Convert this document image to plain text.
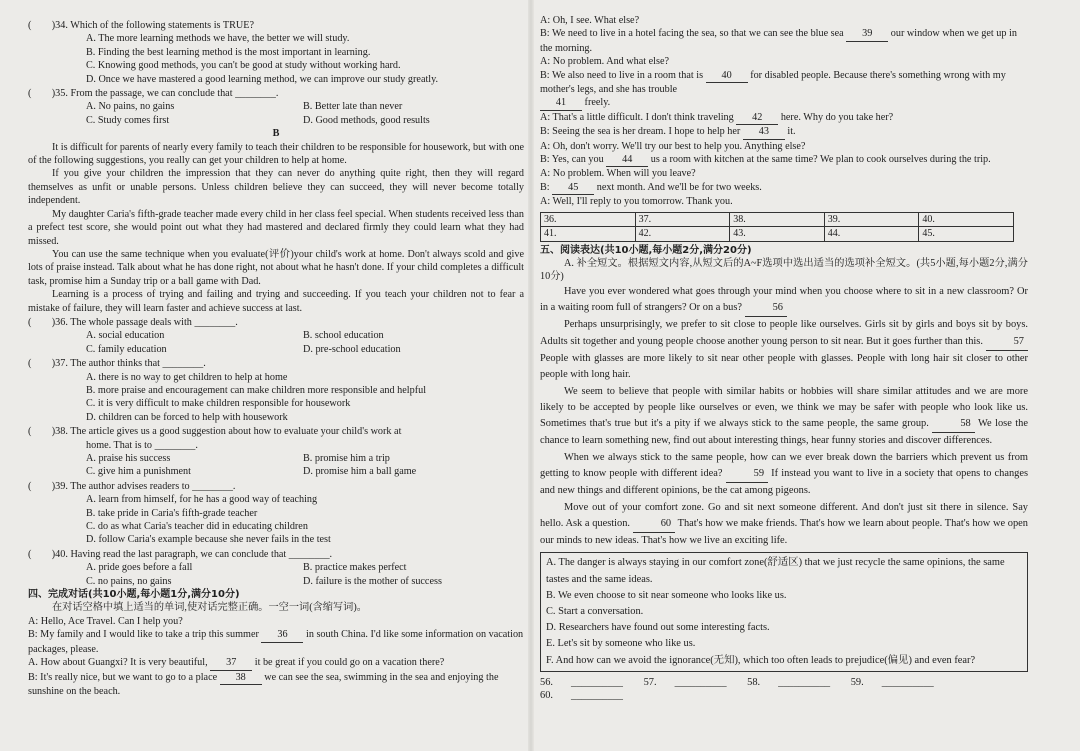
(　　)34. Which of the following statements is TRUE?

A. The more learning methods we have, the better we will study.

B. Finding the best learning method is the most important in learning.

C. Knowing good methods, you can't be good at study without working hard.

D. Once we have mastered a good learning method, we can improve our study greatly.

(　　)35. From the passage, we can conclude that ________.

A. No pains, no gains	B. Better late than never
C. Study comes first	D. Good methods, good results

B

It is difficult for parents of nearly every family to teach their children to be responsible for housework, but with one of the following suggestions, you really can get your children to help at home.

If you give your children the impression that they can never do anything quite right, then they will regard themselves as unfit or unable persons. Unless children believe they can succeed, they will never become totally independent.

My daughter Caria's fifth-grade teacher made every child in her class feel special. When students received less than a prefect test score, she would point out what they had mastered and declared firmly they could learn what they had missed.

You can use the same technique when you evaluate(评价)your child's work at home. Don't always scold and give lots of praise instead. Talk about what he has done right, not about what he hasn't done. If your child completes a difficult task, promise him a Sunday trip or a ball game with Dad.

Learning is a process of trying and failing and trying and succeeding. If you teach your children not to fear a mistake of failure, they will learn faster and achieve success at last.

(　　)36. The whole passage deals with ________.

A. social education	B. school education
C. family education	D. pre-school education

(　　)37. The author thinks that ________.

A. there is no way to get children to help at home

B. more praise and encouragement can make children more responsible and helpful

C. it is very difficult to make children responsible for housework

D. children can be forced to help with housework

(　　)38. The article gives us a good suggestion about how to evaluate your child's work at

home. That is to ________.

A. praise his success	B. promise him a trip
C. give him a punishment	D. promise him a ball game

(　　)39. The author advises readers to ________.

A. learn from himself, for he has a good way of teaching

B. take pride in Caria's fifth-grade teacher

C. do as what Caria's teacher did in educating children

D. follow Caria's example because she never fails in the test

(　　)40. Having read the last paragraph, we can conclude that ________.

A. pride goes before a fall	B. practice makes perfect
C. no pains, no gains	D. failure is the mother of success

四、完成对话(共10小题,每小题1分,满分10分)

在对话空格中填上适当的单词,使对话完整正确。一空一词(含缩写词)。

A: Hello, Ace Travel. Can I help you?

B: My family and I would like to take a trip this summer 36 in south China. I'd like some information on vacation packages, please.

A. How about Guangxi? It is very beautiful, 37 it be great if you could go on a vacation there?

B: It's really nice, but we want to go to a place 38 we can see the sea, swimming in the sea and enjoying the sunshine on the beach.

A: Oh, I see. What else?

B: We need to live in a hotel facing the sea, so that we can see the blue sea 39 our window when we get up in the morning.

A: No problem. And what else?

B: We also need to live in a room that is 40 for disabled people. Because there's something wrong with my mother's legs, and she has trouble

41 freely.

A: That's a little difficult. I don't think traveling 42 here. Why do you take her?

B: Seeing the sea is her dream. I hope to help her 43 it.

A: Oh, don't worry. We'll try our best to help you. Anything else?

B: Yes, can you 44 us a room with kitchen at the same time? We plan to cook ourselves during the trip.

A: No problem. When will you leave?

B: 45 next month. And we'll be for two weeks.

A: Well, I'll reply to you tomorrow. Thank you.

36.	37.	38.	39.	40.
41.	42.	43.	44.	45.

五、阅读表达(共10小题,每小题2分,满分20分)

A. 补全短文。根据短文内容,从短文后的A~F选项中选出适当的选项补全短文。(共5小题,每小题2分,满分10分)

Have you ever wondered what goes through your mind when you choose where to sit in a new classroom? Or in a waiting room full of strangers? Or on a bus?	56

Perhaps unsurprisingly, we prefer to sit close to people like ourselves. Girls sit by girls and boys sit by boys. Adults sit together and young people choose another young person to sit near. But it goes further than this.	57 People with glasses are more likely to sit near other people with glasses. People with long hair sit closer to other people with long hair.

We seem to believe that people with similar habits or hobbies will share similar attitudes and we are more likely to be accepted by people like ourselves or even, we think we may be safer with people who look like us. Sometimes that's true but it's a pity if we always stick to the same people, the same group.	58 We lose the chance to learn something new, find out about interesting things, hear funny stories and discover differences.

When we always stick to the same people, how can we ever break down the barriers which prevent us from getting to know people with different idea?	59 If instead you want to live in a society that opens to changes and new things and different opinions, be the cat among pigeons.

Move out of your comfort zone. Go and sit next someone different. And don't just sit there in silence. Say hello. Ask a question.	60 That's how we make friends. That's how we learn about people. That's how we open our minds to new ideas. That's how we live an exciting life.

A. The danger is always staying in our comfort zone(舒适区) that we just recycle the same opinions, the same tastes and the same ideas.

B. We even choose to sit near someone who looks like us.

C. Start a conversation.

D. Researchers have found out some interesting facts.

E. Let's sit by someone who like us.

F. And how can we avoid the ignorance(无知), which too often leads to prejudice(偏见) and even fear?

56. __________ 57. __________ 58. __________ 59. __________ 60. __________
